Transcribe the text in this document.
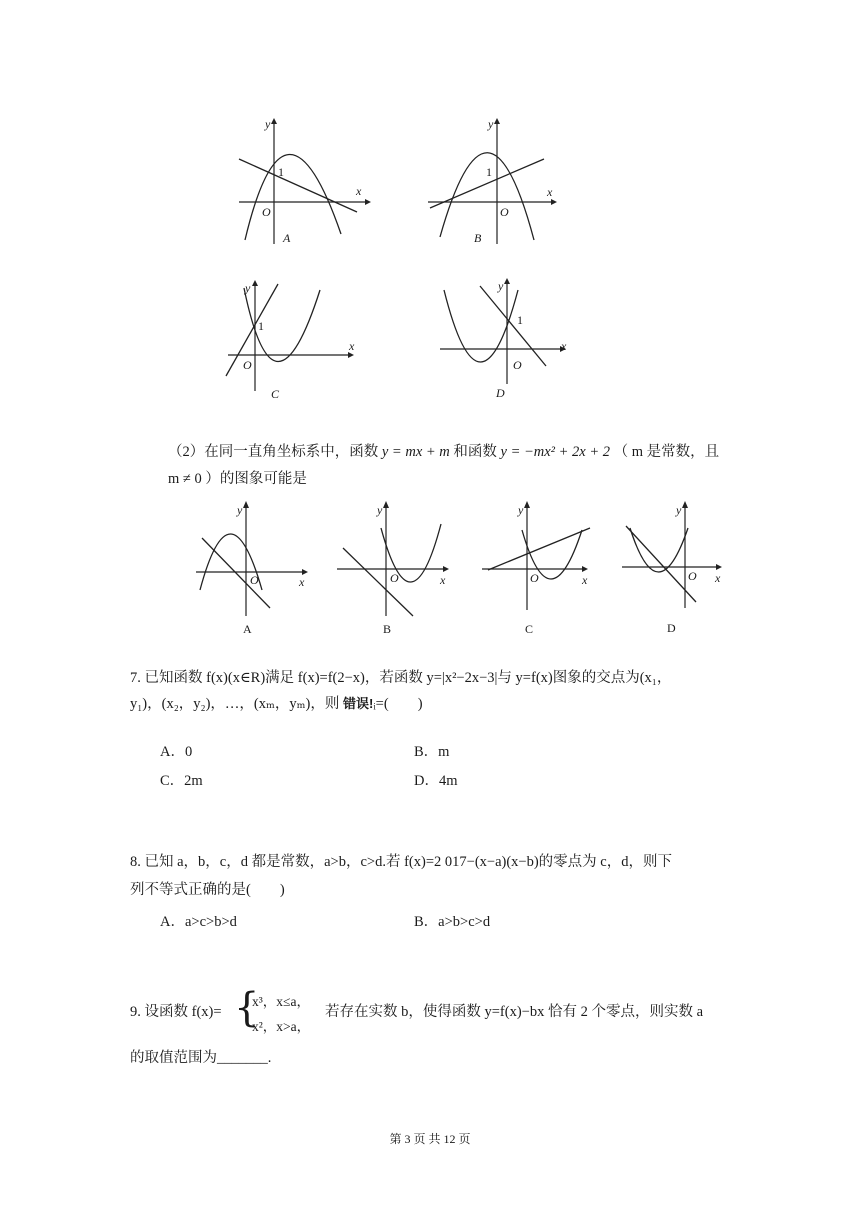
y
x
O
1
A
y
x
O
1
B
y
x
O
1
C
y
x
O
1
D
（2）在同一直角坐标系中，函数 y = mx + m 和函数 y = −mx² + 2x + 2 （ m 是常数，且
m ≠ 0 ）的图象可能是
y
x
O
A
y
x
O
B
y
x
O
C
y
x
O
D
7. 已知函数 f(x)(x∈R)满足 f(x)=f(2−x)，若函数 y=|x²−2x−3|与 y=f(x)图象的交点为(x₁，
y₁)，(x₂，y₂)，…，(xₘ，yₘ)，则 错误!ᵢ=(　　)
A．0	B．m
C．2m	D．4m
8. 已知 a，b，c，d 都是常数，a>b，c>d.若 f(x)=2 017−(x−a)(x−b)的零点为 c，d，则下
列不等式正确的是(　　)
A．a>c>b>d	B．a>b>c>d
9. 设函数 f(x)= {
x³，x≤a，
x²，x>a，
若存在实数 b，使得函数 y=f(x)−bx 恰有 2 个零点，则实数 a
的取值范围为_______.
第 3 页 共 12 页
